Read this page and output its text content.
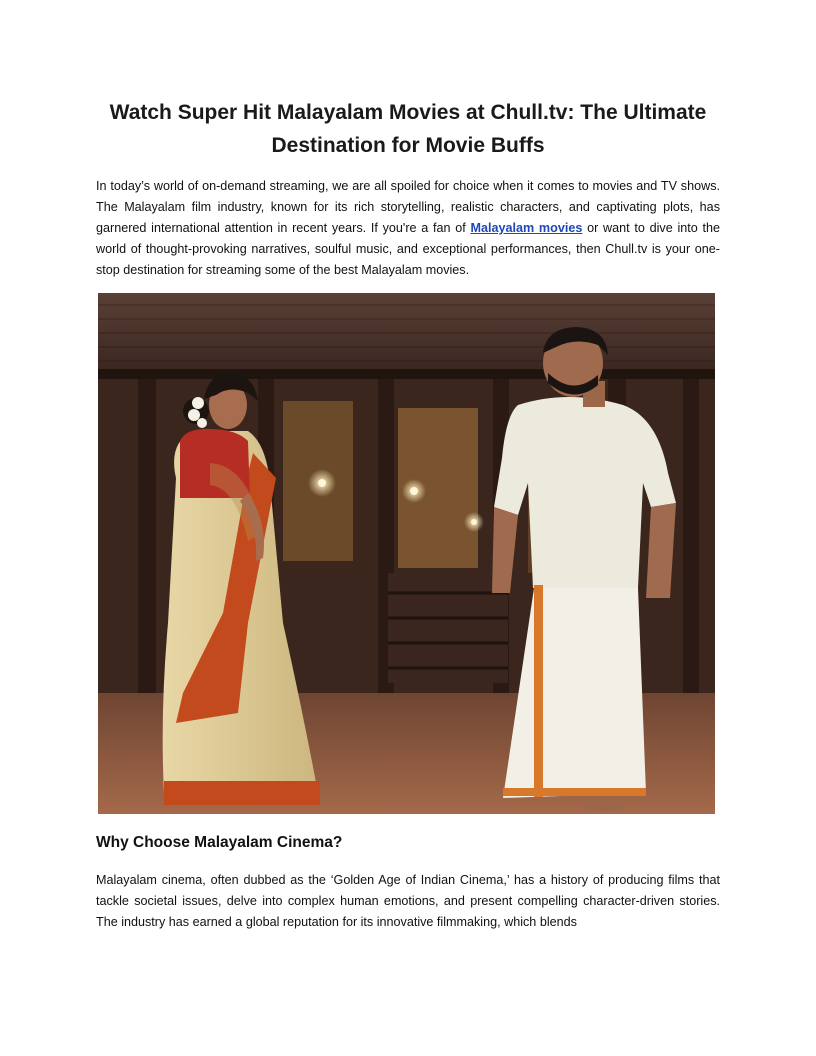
Watch Super Hit Malayalam Movies at Chull.tv: The Ultimate Destination for Movie Buffs

In today’s world of on-demand streaming, we are all spoiled for choice when it comes to movies and TV shows. The Malayalam film industry, known for its rich storytelling, realistic characters, and captivating plots, has garnered international attention in recent years. If you're a fan of Malayalam movies or want to dive into the world of thought-provoking narratives, soulful music, and exceptional performances, then Chull.tv is your one-stop destination for streaming some of the best Malayalam movies.

Why Choose Malayalam Cinema?

Malayalam cinema, often dubbed as the ‘Golden Age of Indian Cinema,’ has a history of producing films that tackle societal issues, delve into complex human emotions, and present compelling character-driven stories. The industry has earned a global reputation for its innovative filmmaking, which blends
